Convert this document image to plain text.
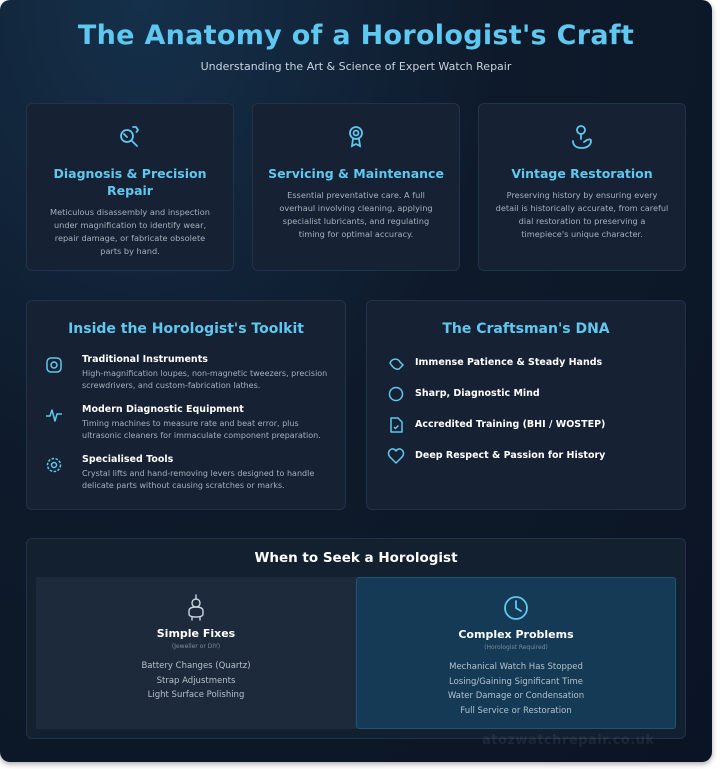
The Anatomy of a Horologist's Craft
Understanding the Art & Science of Expert Watch Repair
Diagnosis & Precision Repair

Meticulous disassembly and inspection under magnification to identify wear, repair damage, or fabricate obsolete parts by hand.

Servicing & Maintenance

Essential preventative care. A full overhaul involving cleaning, applying specialist lubricants, and regulating timing for optimal accuracy.

Vintage Restoration

Preserving history by ensuring every detail is historically accurate, from careful dial restoration to preserving a timepiece's unique character.

Inside the Horologist's Toolkit
Traditional Instruments
High-magnification loupes, non-magnetic tweezers, precision screwdrivers, and custom-fabrication lathes.
Modern Diagnostic Equipment
Timing machines to measure rate and beat error, plus ultrasonic cleaners for immaculate component preparation.
Specialised Tools
Crystal lifts and hand-removing levers designed to handle delicate parts without causing scratches or marks.
The Craftsman's DNA
Immense Patience & Steady Hands
Sharp, Diagnostic Mind
Accredited Training (BHI / WOSTEP)
Deep Respect & Passion for History
When to Seek a Horologist
Simple Fixes
(Jeweller or DIY)
Battery Changes (Quartz)
Strap Adjustments
Light Surface Polishing
Complex Problems
(Horologist Required)
Mechanical Watch Has Stopped
Losing/Gaining Significant Time
Water Damage or Condensation
Full Service or Restoration
atozwatchrepair.co.uk
